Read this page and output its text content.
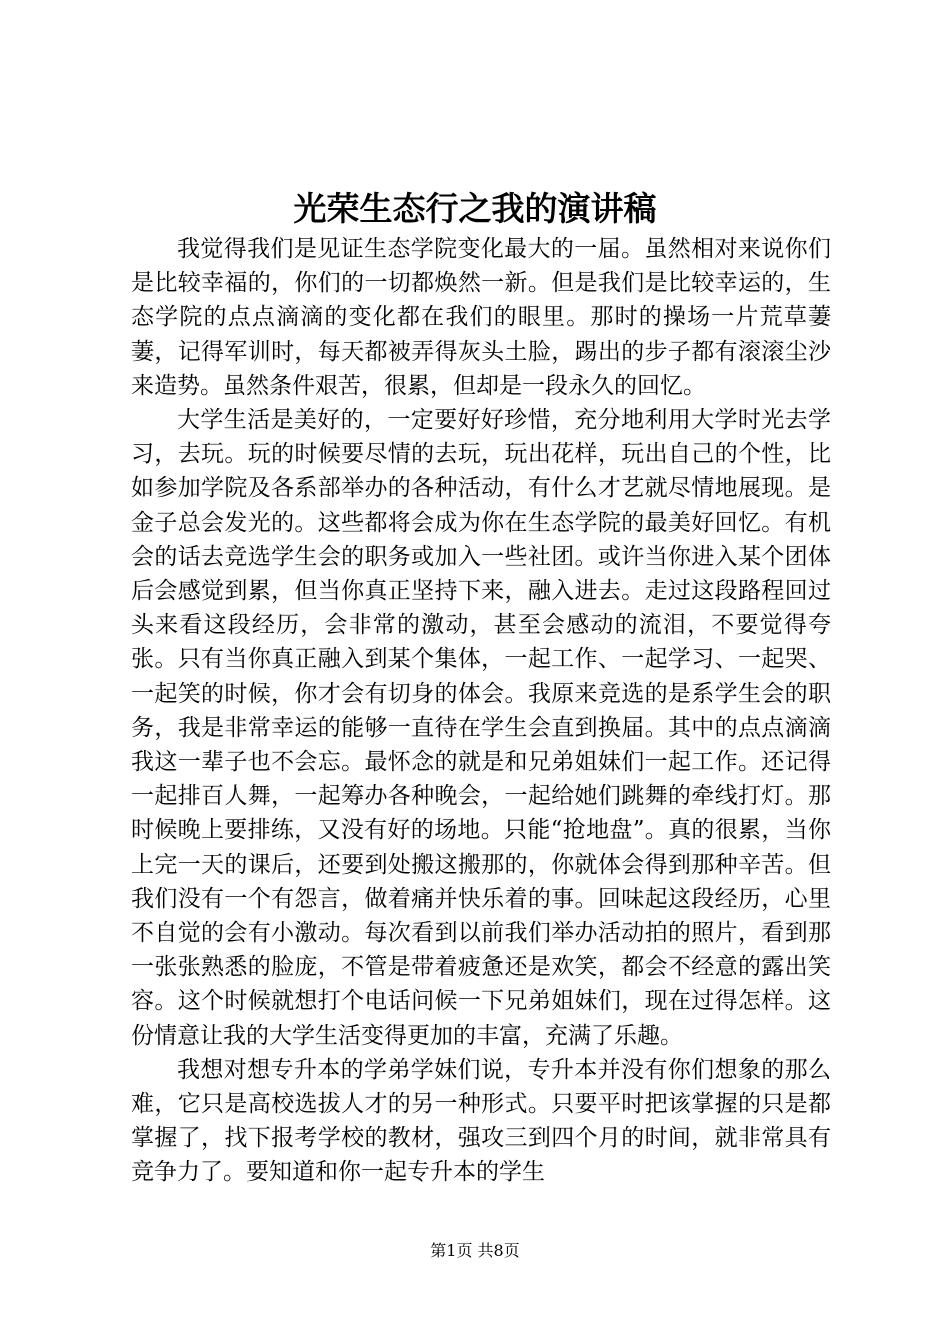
光荣生态行之我的演讲稿

我觉得我们是见证生态学院变化最大的一届。虽然相对来说你们是比较幸福的，你们的一切都焕然一新。但是我们是比较幸运的，生态学院的点点滴滴的变化都在我们的眼里。那时的操场一片荒草萋萋，记得军训时，每天都被弄得灰头土脸，踢出的步子都有滚滚尘沙来造势。虽然条件艰苦，很累，但却是一段永久的回忆。

大学生活是美好的，一定要好好珍惜，充分地利用大学时光去学习，去玩。玩的时候要尽情的去玩，玩出花样，玩出自己的个性，比如参加学院及各系部举办的各种活动，有什么才艺就尽情地展现。是金子总会发光的。这些都将会成为你在生态学院的最美好回忆。有机会的话去竞选学生会的职务或加入一些社团。或许当你进入某个团体后会感觉到累，但当你真正坚持下来，融入进去。走过这段路程回过头来看这段经历，会非常的激动，甚至会感动的流泪，不要觉得夸张。只有当你真正融入到某个集体，一起工作、一起学习、一起哭、一起笑的时候，你才会有切身的体会。我原来竞选的是系学生会的职务，我是非常幸运的能够一直待在学生会直到换届。其中的点点滴滴我这一辈子也不会忘。最怀念的就是和兄弟姐妹们一起工作。还记得一起排百人舞，一起筹办各种晚会，一起给她们跳舞的牵线打灯。那时候晚上要排练，又没有好的场地。只能“抢地盘”。真的很累，当你上完一天的课后，还要到处搬这搬那的，你就体会得到那种辛苦。但我们没有一个有怨言，做着痛并快乐着的事。回味起这段经历，心里不自觉的会有小激动。每次看到以前我们举办活动拍的照片，看到那一张张熟悉的脸庞，不管是带着疲惫还是欢笑，都会不经意的露出笑容。这个时候就想打个电话问候一下兄弟姐妹们，现在过得怎样。这份情意让我的大学生活变得更加的丰富，充满了乐趣。

我想对想专升本的学弟学妹们说，专升本并没有你们想象的那么难，它只是高校选拔人才的另一种形式。只要平时把该掌握的只是都掌握了，找下报考学校的教材，强攻三到四个月的时间，就非常具有竞争力了。要知道和你一起专升本的学生

第1页 共8页
